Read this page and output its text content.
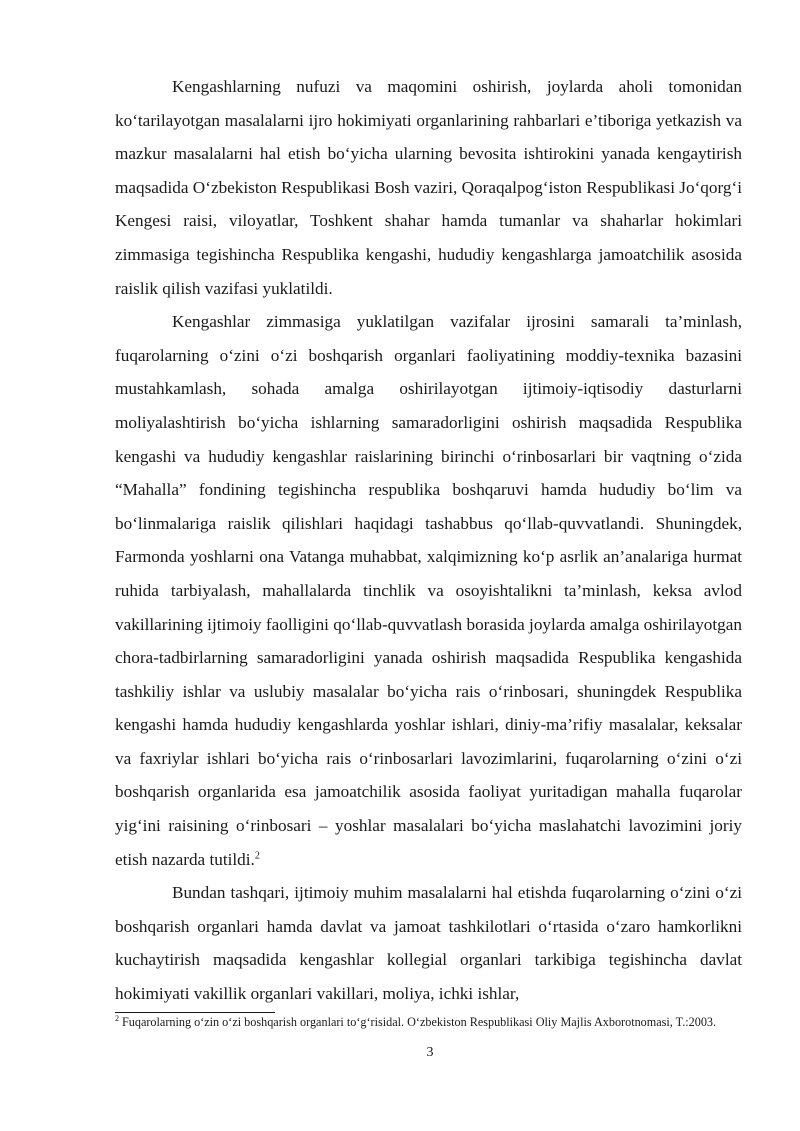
Kengashlarning nufuzi va maqomini oshirish, joylarda aholi tomonidan ko‘tarilayotgan masalalarni ijro hokimiyati organlarining rahbarlari e’tiboriga yetkazish va mazkur masalalarni hal etish bo‘yicha ularning bevosita ishtirokini yanada kengaytirish maqsadida O‘zbekiston Respublikasi Bosh vaziri, Qoraqalpog‘iston Respublikasi Jo‘qorg‘i Kengesi raisi, viloyatlar, Toshkent shahar hamda tumanlar va shaharlar hokimlari zimmasiga tegishincha Respublika kengashi, hududiy kengashlarga jamoatchilik asosida raislik qilish vazifasi yuklatildi.

Kengashlar zimmasiga yuklatilgan vazifalar ijrosini samarali ta’minlash, fuqarolarning o‘zini o‘zi boshqarish organlari faoliyatining moddiy-texnika bazasini mustahkamlash, sohada amalga oshirilayotgan ijtimoiy-iqtisodiy dasturlarni moliyalashtirish bo‘yicha ishlarning samaradorligini oshirish maqsadida Respublika kengashi va hududiy kengashlar raislarining birinchi o‘rinbosarlari bir vaqtning o‘zida “Mahalla” fondining tegishincha respublika boshqaruvi hamda hududiy bo‘lim va bo‘linmalariga raislik qilishlari haqidagi tashabbus qo‘llab-quvvatlandi. Shuningdek, Farmonda yoshlarni ona Vatanga muhabbat, xalqimizning ko‘p asrlik an’analariga hurmat ruhida tarbiyalash, mahallalarda tinchlik va osoyishtalikni ta’minlash, keksa avlod vakillarining ijtimoiy faolligini qo‘llab-quvvatlash borasida joylarda amalga oshirilayotgan chora-tadbirlarning samaradorligini yanada oshirish maqsadida Respublika kengashida tashkiliy ishlar va uslubiy masalalar bo‘yicha rais o‘rinbosari, shuningdek Respublika kengashi hamda hududiy kengashlarda yoshlar ishlari, diniy-ma’rifiy masalalar, keksalar va faxriylar ishlari bo‘yicha rais o‘rinbosarlari lavozimlarini, fuqarolarning o‘zini o‘zi boshqarish organlarida esa jamoatchilik asosida faoliyat yuritadigan mahalla fuqarolar yig‘ini raisining o‘rinbosari – yoshlar masalalari bo‘yicha maslahatchi lavozimini joriy etish nazarda tutildi.$^2$

Bundan tashqari, ijtimoiy muhim masalalarni hal etishda fuqarolarning o‘zini o‘zi boshqarish organlari hamda davlat va jamoat tashkilotlari o‘rtasida o‘zaro hamkorlikni kuchaytirish maqsadida kengashlar kollegial organlari tarkibiga tegishincha davlat hokimiyati vakillik organlari vakillari, moliya, ichki ishlar,

$^2$ Fuqarolarning o‘zin o‘zi boshqarish organlari to‘g‘risidal. O‘zbekiston Respublikasi Oliy Majlis Axborotnomasi, T.:2003.

3
